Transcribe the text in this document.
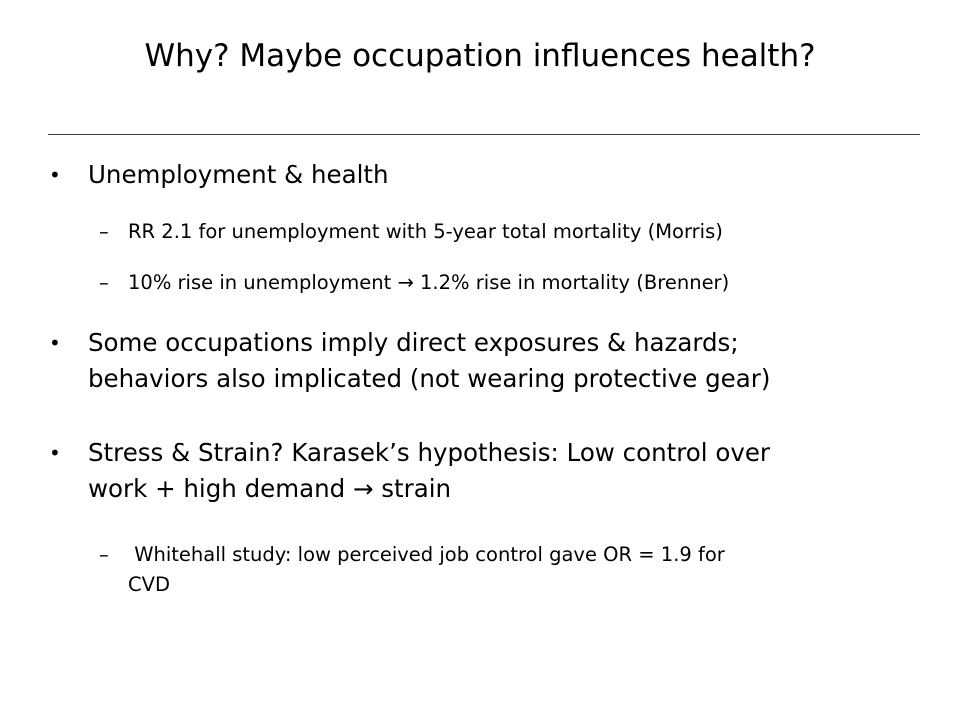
Why? Maybe occupation influences health?
• Unemployment & health
– RR 2.1 for unemployment with 5-year total mortality (Morris)
– 10% rise in unemployment → 1.2% rise in mortality (Brenner)
• Some occupations imply direct exposures & hazards;
behaviors also implicated (not wearing protective gear)
• Stress & Strain? Karasek’s hypothesis: Low control over
work + high demand → strain
– Whitehall study: low perceived job control gave OR = 1.9 for
CVD
